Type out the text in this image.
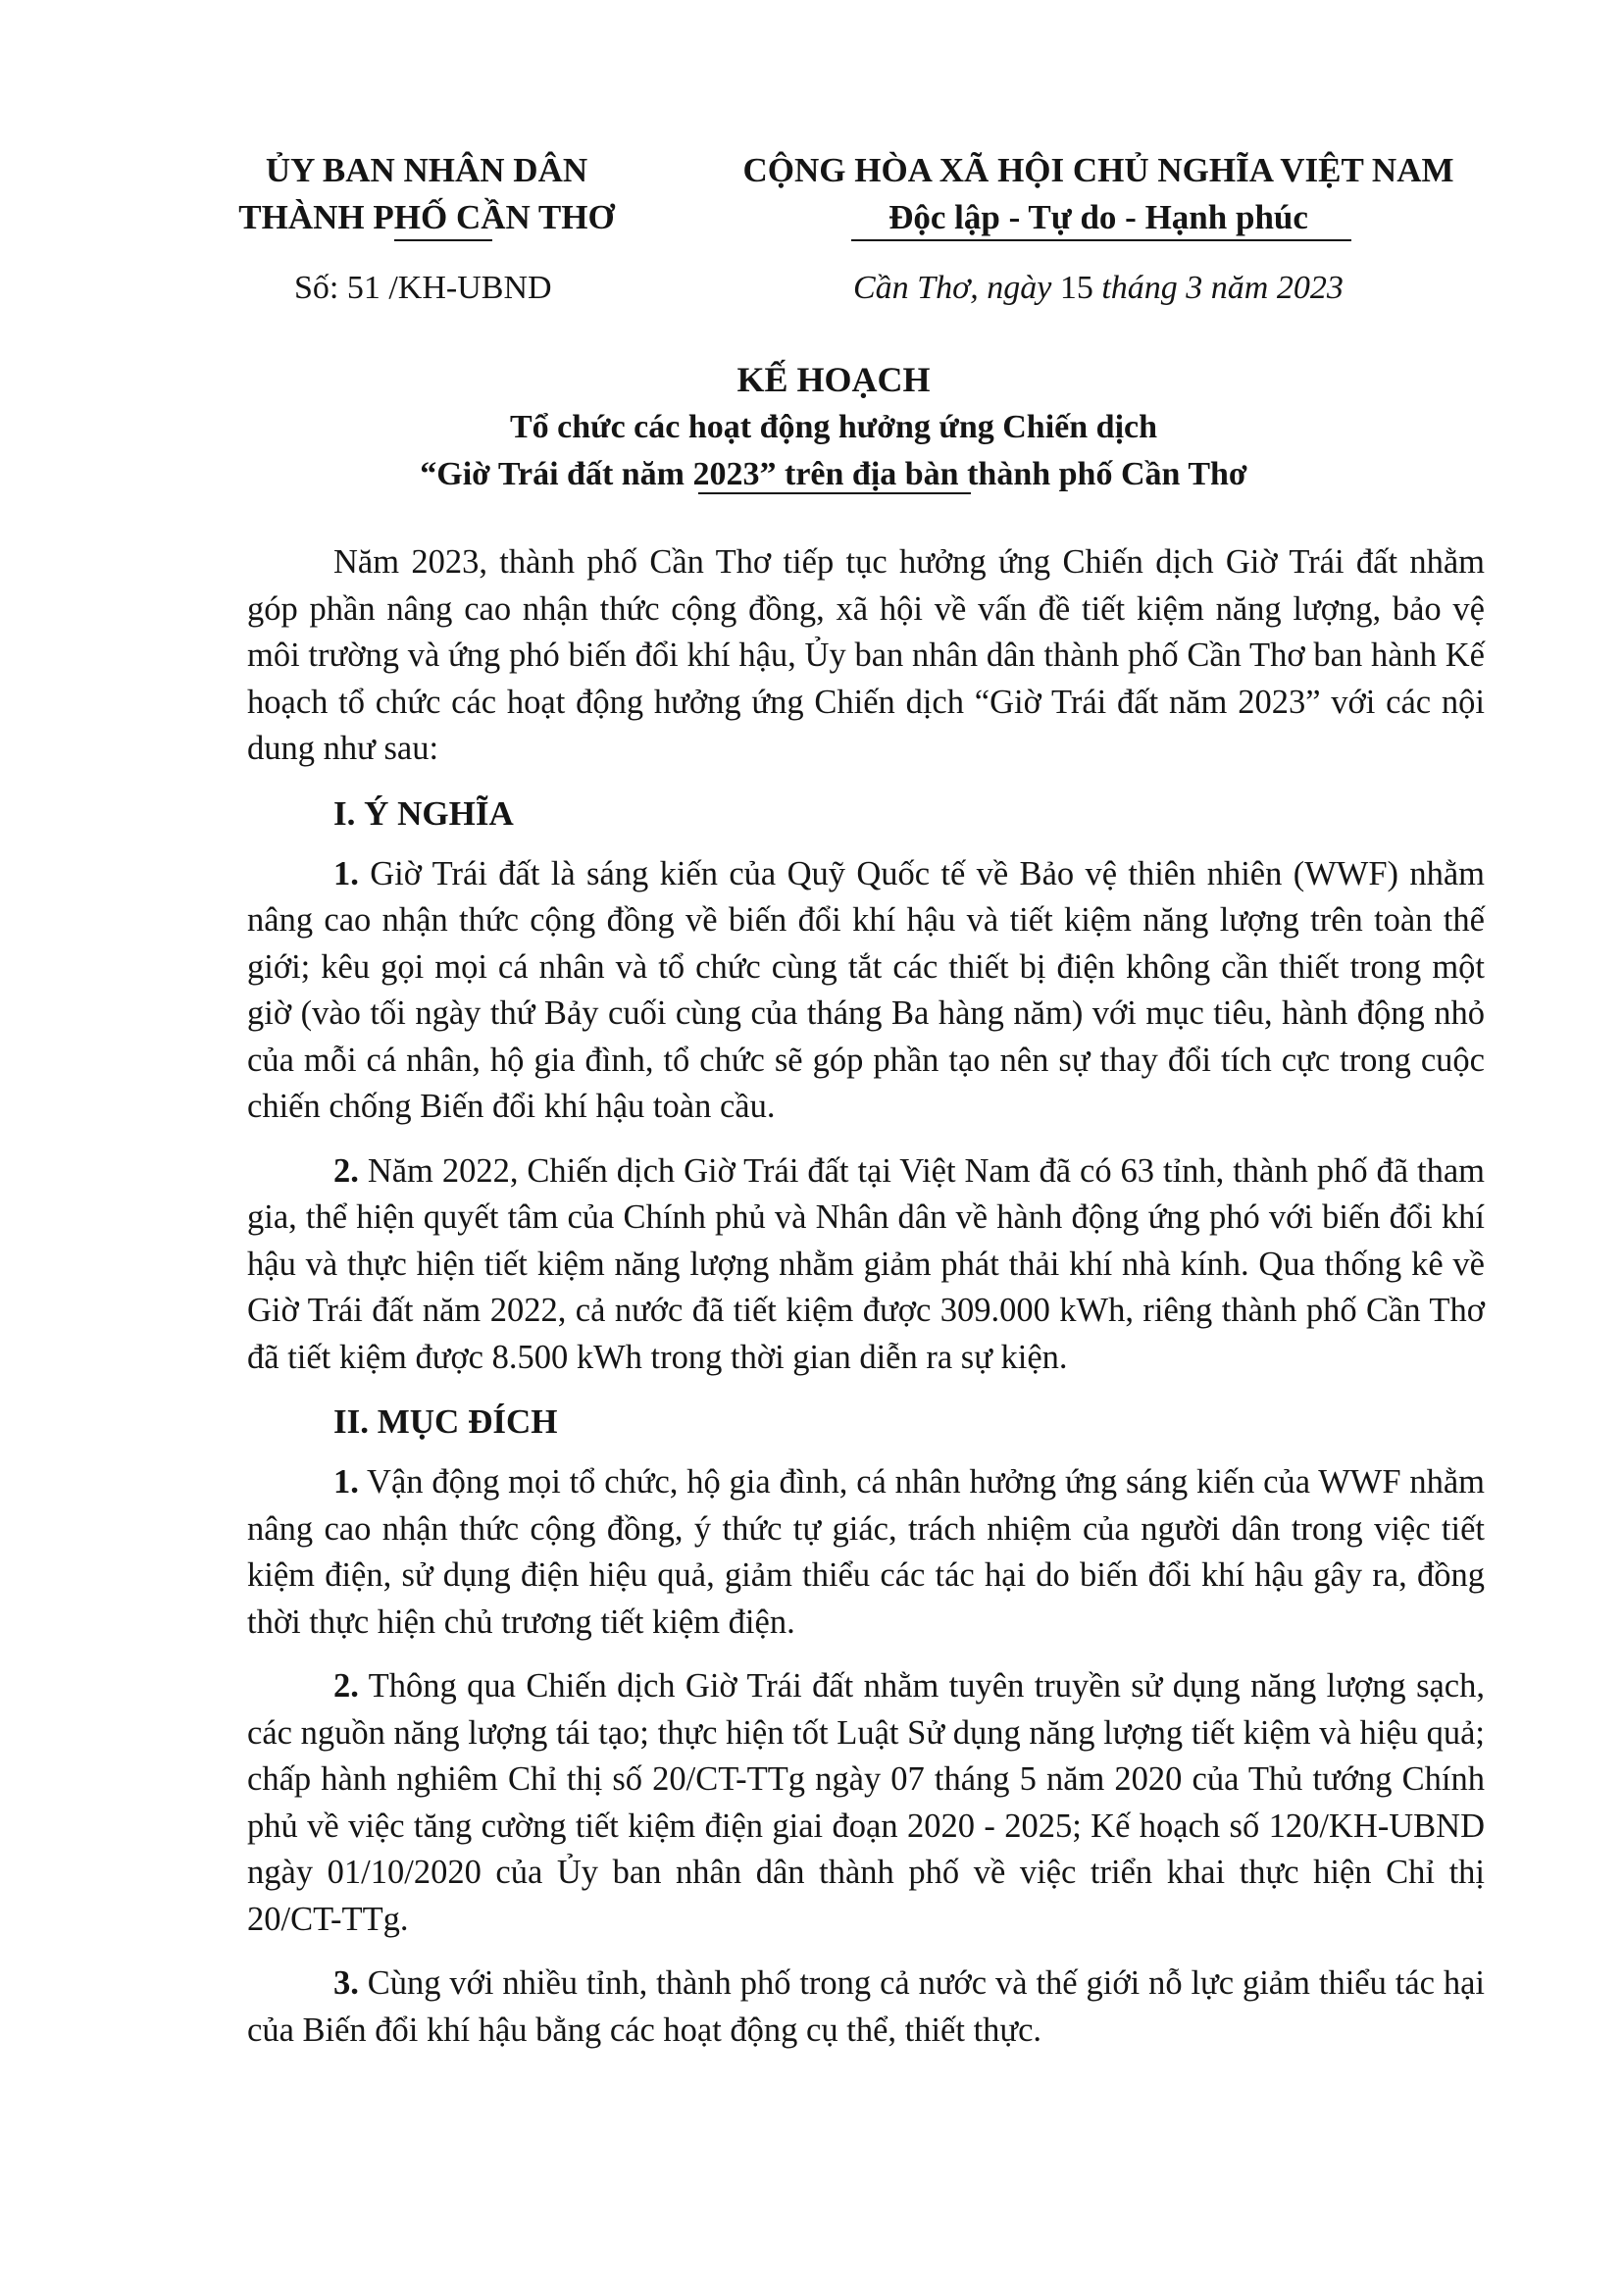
ỦY BAN NHÂN DÂN
THÀNH PHỐ CẦN THƠ
CỘNG HÒA XÃ HỘI CHỦ NGHĨA VIỆT NAM
Độc lập - Tự do - Hạnh phúc
Số: 51 /KH-UBND	Cần Thơ, ngày 15 tháng 3 năm 2023
KẾ HOẠCH
Tổ chức các hoạt động hưởng ứng Chiến dịch
“Giờ Trái đất năm 2023” trên địa bàn thành phố Cần Thơ

Năm 2023, thành phố Cần Thơ tiếp tục hưởng ứng Chiến dịch Giờ Trái đất nhằm góp phần nâng cao nhận thức cộng đồng, xã hội về vấn đề tiết kiệm năng lượng, bảo vệ môi trường và ứng phó biến đổi khí hậu, Ủy ban nhân dân thành phố Cần Thơ ban hành Kế hoạch tổ chức các hoạt động hưởng ứng Chiến dịch “Giờ Trái đất năm 2023” với các nội dung như sau:

I. Ý NGHĨA

1. Giờ Trái đất là sáng kiến của Quỹ Quốc tế về Bảo vệ thiên nhiên (WWF) nhằm nâng cao nhận thức cộng đồng về biến đổi khí hậu và tiết kiệm năng lượng trên toàn thế giới; kêu gọi mọi cá nhân và tổ chức cùng tắt các thiết bị điện không cần thiết trong một giờ (vào tối ngày thứ Bảy cuối cùng của tháng Ba hàng năm) với mục tiêu, hành động nhỏ của mỗi cá nhân, hộ gia đình, tổ chức sẽ góp phần tạo nên sự thay đổi tích cực trong cuộc chiến chống Biến đổi khí hậu toàn cầu.

2. Năm 2022, Chiến dịch Giờ Trái đất tại Việt Nam đã có 63 tỉnh, thành phố đã tham gia, thể hiện quyết tâm của Chính phủ và Nhân dân về hành động ứng phó với biến đổi khí hậu và thực hiện tiết kiệm năng lượng nhằm giảm phát thải khí nhà kính. Qua thống kê về Giờ Trái đất năm 2022, cả nước đã tiết kiệm được 309.000 kWh, riêng thành phố Cần Thơ đã tiết kiệm được 8.500 kWh trong thời gian diễn ra sự kiện.

II. MỤC ĐÍCH

1. Vận động mọi tổ chức, hộ gia đình, cá nhân hưởng ứng sáng kiến của WWF nhằm nâng cao nhận thức cộng đồng, ý thức tự giác, trách nhiệm của người dân trong việc tiết kiệm điện, sử dụng điện hiệu quả, giảm thiểu các tác hại do biến đổi khí hậu gây ra, đồng thời thực hiện chủ trương tiết kiệm điện.

2. Thông qua Chiến dịch Giờ Trái đất nhằm tuyên truyền sử dụng năng lượng sạch, các nguồn năng lượng tái tạo; thực hiện tốt Luật Sử dụng năng lượng tiết kiệm và hiệu quả; chấp hành nghiêm Chỉ thị số 20/CT-TTg ngày 07 tháng 5 năm 2020 của Thủ tướng Chính phủ về việc tăng cường tiết kiệm điện giai đoạn 2020 - 2025; Kế hoạch số 120/KH-UBND ngày 01/10/2020 của Ủy ban nhân dân thành phố về việc triển khai thực hiện Chỉ thị 20/CT-TTg.

3. Cùng với nhiều tỉnh, thành phố trong cả nước và thế giới nỗ lực giảm thiểu tác hại của Biến đổi khí hậu bằng các hoạt động cụ thể, thiết thực.
